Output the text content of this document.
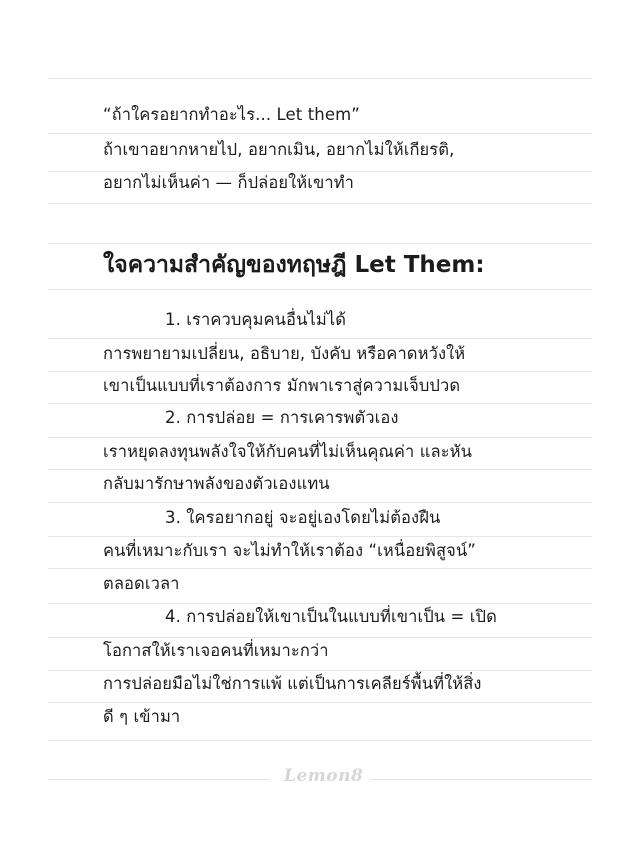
“ถ้าใครอยากทำอะไร... Let them”
ถ้าเขาอยากหายไป, อยากเมิน, อยากไม่ให้เกียรติ,
อยากไม่เห็นค่า — ก็ปล่อยให้เขาทำ
ใจความสำคัญของทฤษฎี Let Them:
1. เราควบคุมคนอื่นไม่ได้
การพยายามเปลี่ยน, อธิบาย, บังคับ หรือคาดหวังให้
เขาเป็นแบบที่เราต้องการ มักพาเราสู่ความเจ็บปวด
2. การปล่อย = การเคารพตัวเอง
เราหยุดลงทุนพลังใจให้กับคนที่ไม่เห็นคุณค่า และหัน
กลับมารักษาพลังของตัวเองแทน
3. ใครอยากอยู่ จะอยู่เองโดยไม่ต้องฝืน
คนที่เหมาะกับเรา จะไม่ทำให้เราต้อง “เหนื่อยพิสูจน์”
ตลอดเวลา
4. การปล่อยให้เขาเป็นในแบบที่เขาเป็น = เปิด
โอกาสให้เราเจอคนที่เหมาะกว่า
การปล่อยมือไม่ใช่การแพ้ แต่เป็นการเคลียร์พื้นที่ให้สิ่ง
ดี ๆ เข้ามา
Lemon8
